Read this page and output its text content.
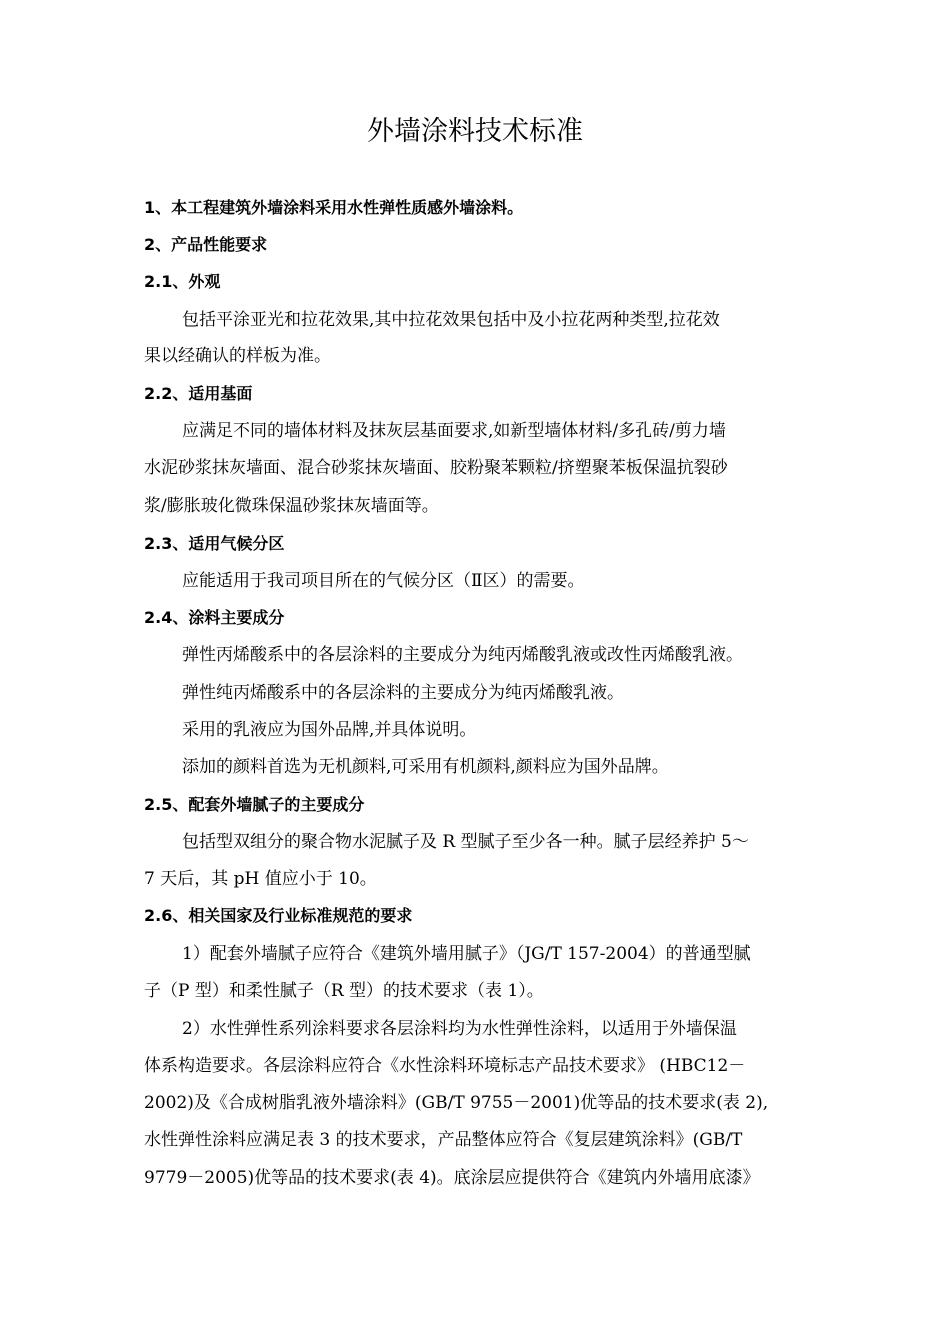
外墙涂料技术标准
1、本工程建筑外墙涂料采用水性弹性质感外墙涂料。
2、产品性能要求
2.1、外观
包括平涂亚光和拉花效果,其中拉花效果包括中及小拉花两种类型,拉花效
果以经确认的样板为准。
2.2、适用基面
应满足不同的墙体材料及抹灰层基面要求,如新型墙体材料/多孔砖/剪力墙
水泥砂浆抹灰墙面、混合砂浆抹灰墙面、胶粉聚苯颗粒/挤塑聚苯板保温抗裂砂
浆/膨胀玻化微珠保温砂浆抹灰墙面等。
2.3、适用气候分区
应能适用于我司项目所在的气候分区（Ⅱ区）的需要。
2.4、涂料主要成分
弹性丙烯酸系中的各层涂料的主要成分为纯丙烯酸乳液或改性丙烯酸乳液。
弹性纯丙烯酸系中的各层涂料的主要成分为纯丙烯酸乳液。
采用的乳液应为国外品牌,并具体说明。
添加的颜料首选为无机颜料,可采用有机颜料,颜料应为国外品牌。
2.5、配套外墙腻子的主要成分
包括型双组分的聚合物水泥腻子及 R 型腻子至少各一种。腻子层经养护 5～
7 天后，其 pH 值应小于 10。
2.6、相关国家及行业标准规范的要求
1）配套外墙腻子应符合《建筑外墙用腻子》（JG/T 157-2004）的普通型腻
子（P 型）和柔性腻子（R 型）的技术要求（表 1）。
2）水性弹性系列涂料要求各层涂料均为水性弹性涂料，以适用于外墙保温
体系构造要求。各层涂料应符合《水性涂料环境标志产品技术要求》 (HBC12－
2002)及《合成树脂乳液外墙涂料》(GB/T 9755－2001)优等品的技术要求(表 2),
水性弹性涂料应满足表 3 的技术要求，产品整体应符合《复层建筑涂料》(GB/T
9779－2005)优等品的技术要求(表 4)。底涂层应提供符合《建筑内外墙用底漆》
